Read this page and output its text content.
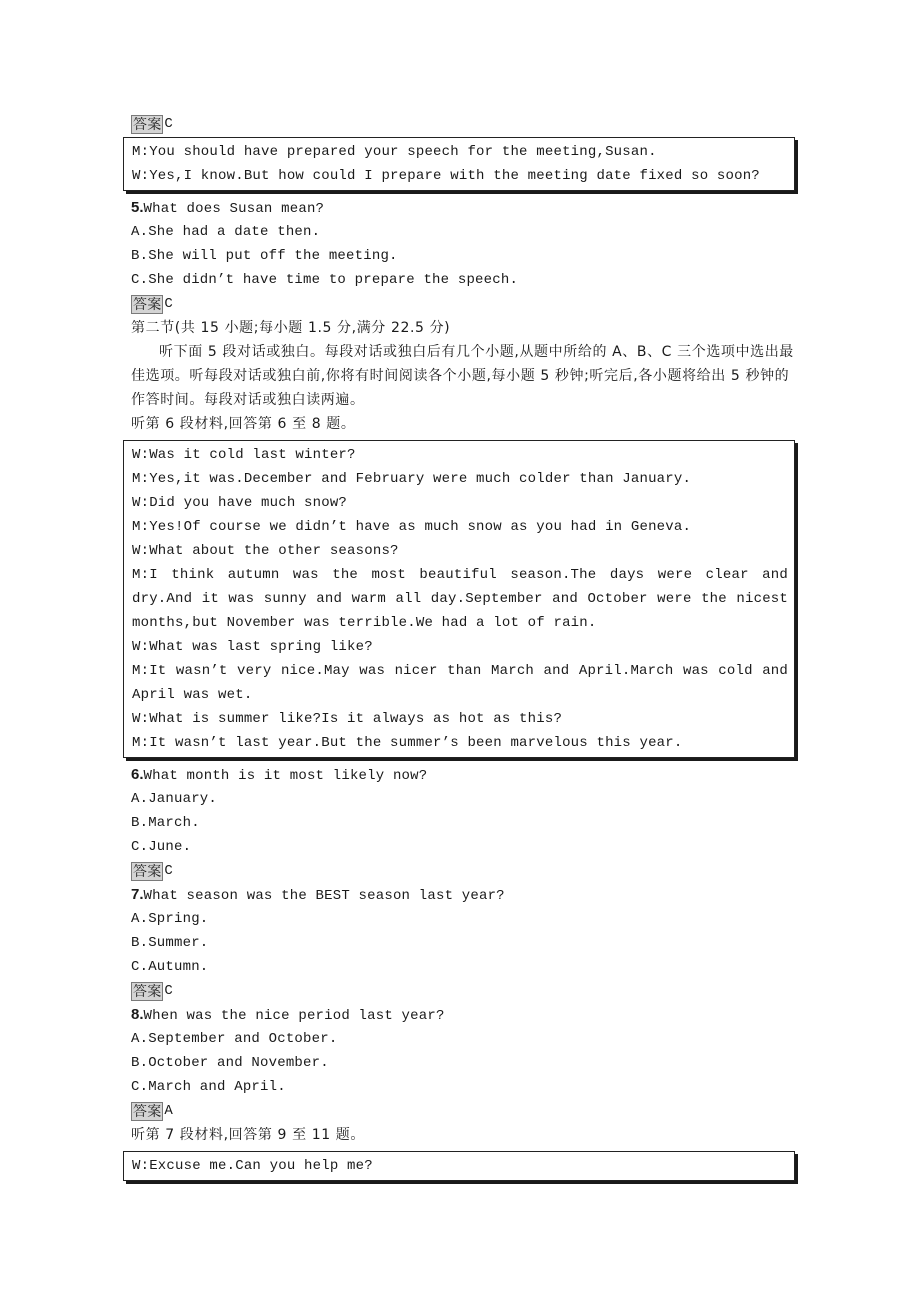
答案 C
M:You should have prepared your speech for the meeting,Susan.
W:Yes,I know.But how could I prepare with the meeting date fixed so soon?
5.What does Susan mean?
A.She had a date then.
B.She will put off the meeting.
C.She didn’t have time to prepare the speech.
答案 C
第二节(共 15 小题;每小题 1.5 分,满分 22.5 分)
听下面 5 段对话或独白。每段对话或独白后有几个小题,从题中所给的 A、B、C 三个选项中选出最佳选项。听每段对话或独白前,你将有时间阅读各个小题,每小题 5 秒钟;听完后,各小题将给出 5 秒钟的作答时间。每段对话或独白读两遍。
听第 6 段材料,回答第 6 至 8 题。
W:Was it cold last winter?
M:Yes,it was.December and February were much colder than January.
W:Did you have much snow?
M:Yes!Of course we didn’t have as much snow as you had in Geneva.
W:What about the other seasons?
M:I think autumn was the most beautiful season.The days were clear and dry.And it was sunny and warm all day.September and October were the nicest months,but November was terrible.We had a lot of rain.
W:What was last spring like?
M:It wasn’t very nice.May was nicer than March and April.March was cold and April was wet.
W:What is summer like?Is it always as hot as this?
M:It wasn’t last year.But the summer’s been marvelous this year.
6.What month is it most likely now?
A.January.
B.March.
C.June.
答案 C
7.What season was the BEST season last year?
A.Spring.
B.Summer.
C.Autumn.
答案 C
8.When was the nice period last year?
A.September and October.
B.October and November.
C.March and April.
答案 A
听第 7 段材料,回答第 9 至 11 题。
W:Excuse me.Can you help me?
